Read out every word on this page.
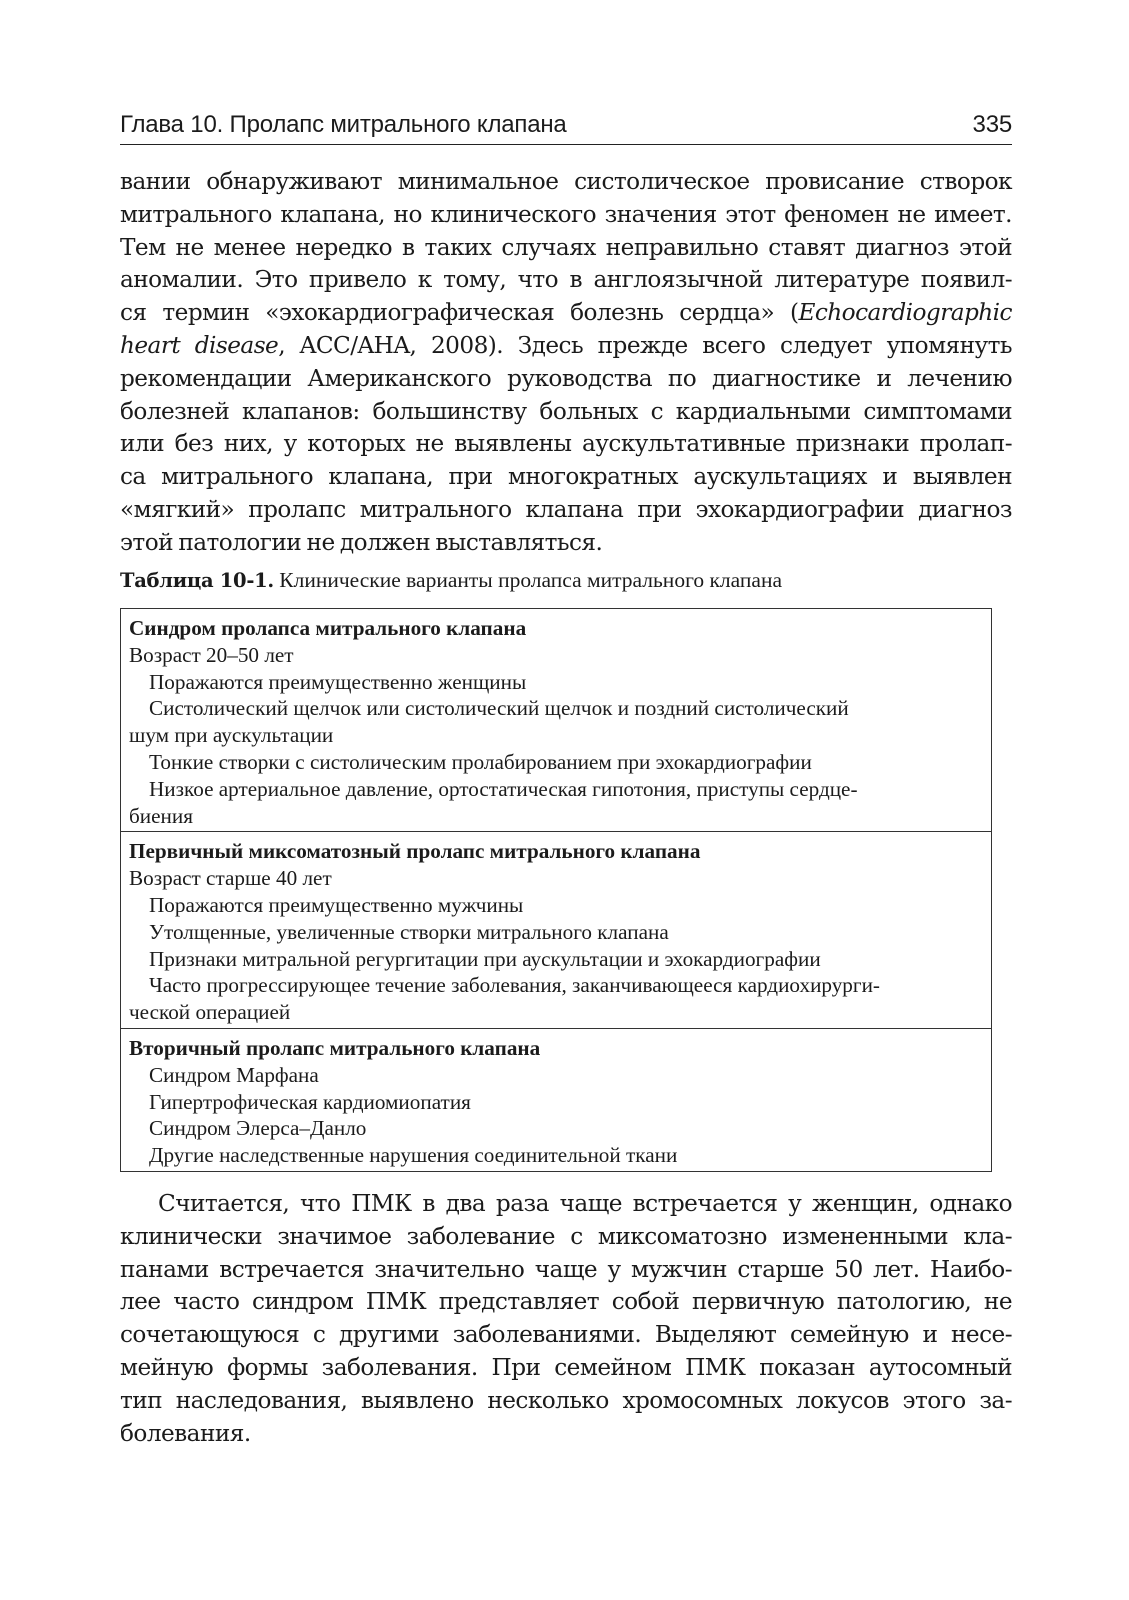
Глава 10. Пролапс митрального клапана	335
вании обнаруживают минимальное систолическое провисание створок
митрального клапана, но клинического значения этот феномен не имеет.
Тем не менее нередко в таких случаях неправильно ставят диагноз этой
аномалии. Это привело к тому, что в англоязычной литературе появил-
ся термин «эхокардиографическая болезнь сердца» (Echocardiographic
heart disease, ACC/AHA, 2008). Здесь прежде всего следует упомянуть
рекомендации Американского руководства по диагностике и лечению
болезней клапанов: большинству больных с кардиальными симптомами
или без них, у которых не выявлены аускультативные признаки пролап-
са митрального клапана, при многократных аускультациях и выявлен
«мягкий» пролапс митрального клапана при эхокардиографии диагноз
этой патологии не должен выставляться.
Таблица 10-1. Клинические варианты пролапса митрального клапана
Синдром пролапса митрального клапана
Возраст 20–50 лет
Поражаются преимущественно женщины
Систолический щелчок или систолический щелчок и поздний систолический
шум при аускультации
Тонкие створки с систолическим пролабированием при эхокардиографии
Низкое артериальное давление, ортостатическая гипотония, приступы сердце-
биения
Первичный миксоматозный пролапс митрального клапана
Возраст старше 40 лет
Поражаются преимущественно мужчины
Утолщенные, увеличенные створки митрального клапана
Признаки митральной регургитации при аускультации и эхокардиографии
Часто прогрессирующее течение заболевания, заканчивающееся кардиохирурги-
ческой операцией
Вторичный пролапс митрального клапана
Синдром Марфана
Гипертрофическая кардиомиопатия
Синдром Элерса–Данло
Другие наследственные нарушения соединительной ткани
Считается, что ПМК в два раза чаще встречается у женщин, однако
клинически значимое заболевание с миксоматозно измененными кла-
панами встречается значительно чаще у мужчин старше 50 лет. Наибо-
лее часто синдром ПМК представляет собой первичную патологию, не
сочетающуюся с другими заболеваниями. Выделяют семейную и несе-
мейную формы заболевания. При семейном ПМК показан аутосомный
тип наследования, выявлено несколько хромосомных локусов этого за-
болевания.
